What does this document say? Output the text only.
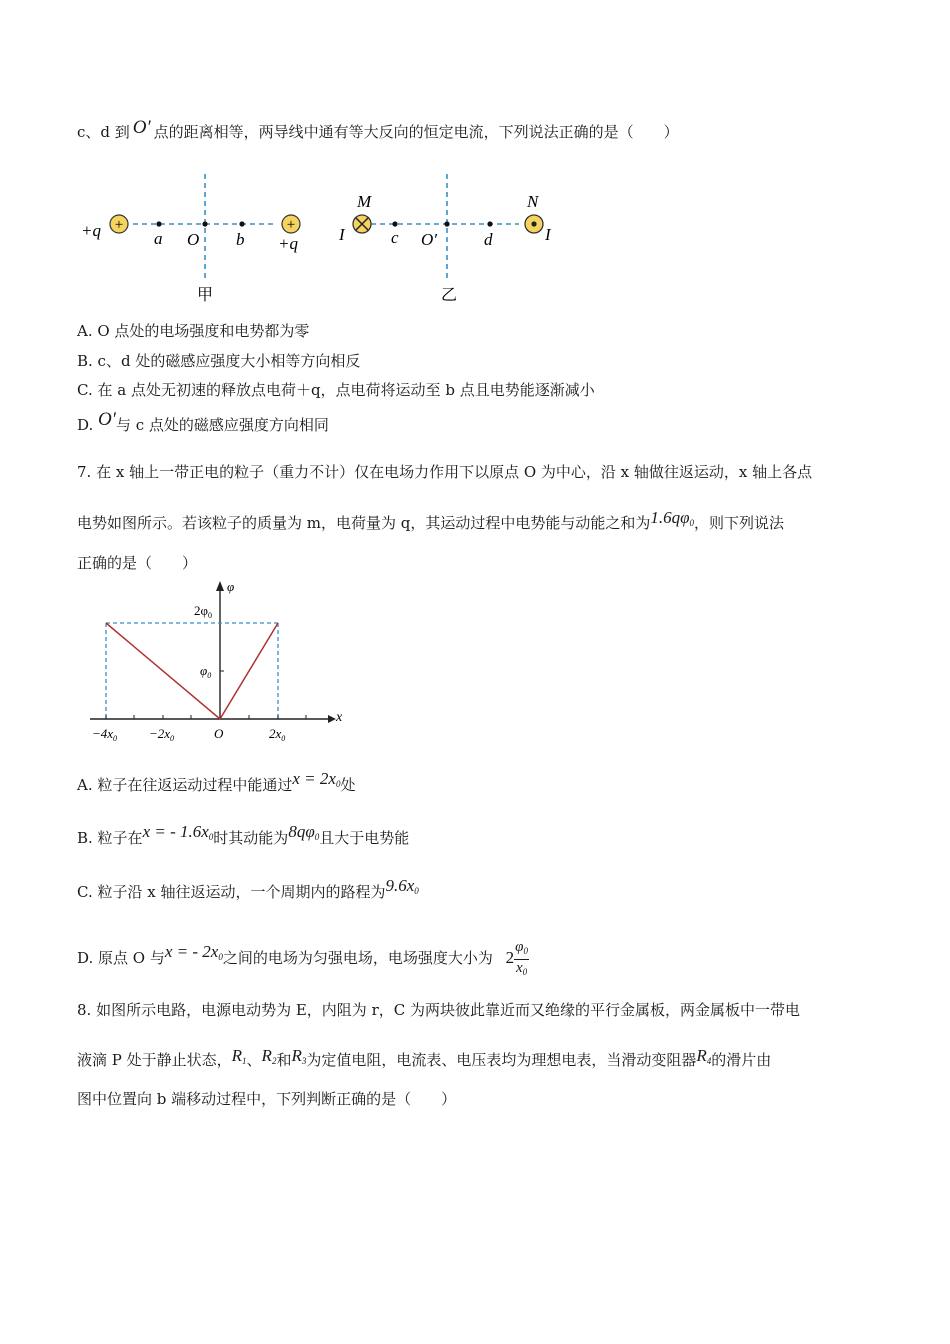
c、d 到 O′ 点的距离相等，两导线中通有等大反向的恒定电流，下列说法正确的是（　　）
+q +
a O b
+
+q
甲
I
M
c O′	d
N
I
乙
A. O 点处的电场强度和电势都为零
B. c、d 处的磁感应强度大小相等方向相反
C. 在 a 点处无初速的释放点电荷＋q，点电荷将运动至 b 点且电势能逐渐减小
D. O′与 c 点处的磁感应强度方向相同
7. 在 x 轴上一带正电的粒子（重力不计）仅在电场力作用下以原点 O 为中心，沿 x 轴做往返运动，x 轴上各点
电势如图所示。若该粒子的质量为 m，电荷量为 q，其运动过程中电势能与动能之和为$1.6q\varphi_0$，则下列说法
正确的是（　　）
φ
$2\varphi_0$
$\varphi_0$
x
$-4x_0 -2x_0$	O	$2x_0$
A. 粒子在往返运动过程中能通过$x = 2x_0$处
B. 粒子在x = - $1.6x_0$时其动能为$8q\varphi_0$且大于电势能
C. 粒子沿 x 轴往返运动，一个周期内的路程为$9.6x_0$
D. 原点 O 与x = - $2x_0$之间的电场为匀强电场，电场强度大小为 $2 \frac{\varphi_0}{x_0}$
8. 如图所示电路，电源电动势为 E，内阻为 r，C 为两块彼此靠近而又绝缘的平行金属板，两金属板中一带电
液滴 P 处于静止状态，$R_1$、$R_2$和$R_3$为定值电阻，电流表、电压表均为理想电表，当滑动变阻器$R_4$的滑片由
图中位置向 b 端移动过程中，下列判断正确的是（　　）
